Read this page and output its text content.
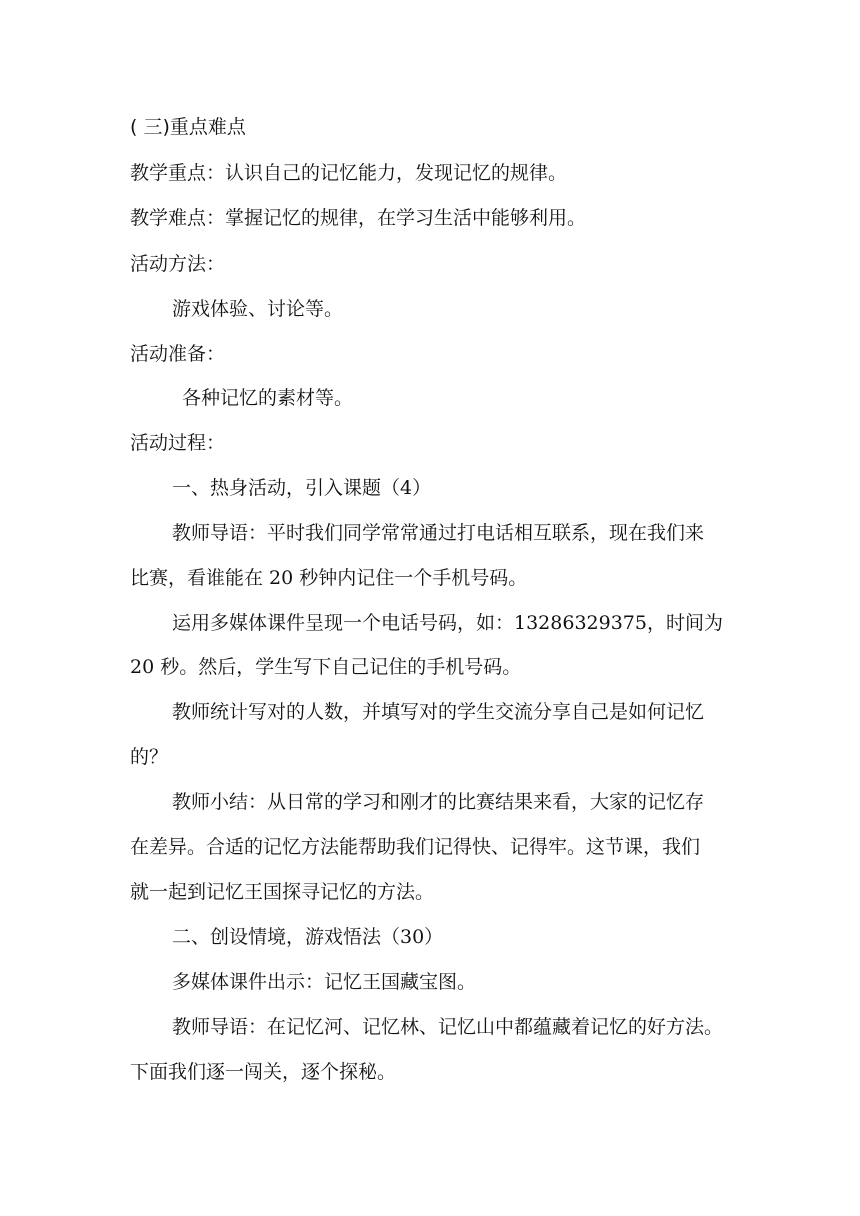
( 三)重点难点
教学重点：认识自己的记忆能力，发现记忆的规律。
教学难点：掌握记忆的规律，在学习生活中能够利用。
活动方法：
游戏体验、讨论等。
活动准备：
各种记忆的素材等。
活动过程：
一、热身活动，引入课题（4）
教师导语：平时我们同学常常通过打电话相互联系，现在我们来
比赛，看谁能在 20 秒钟内记住一个手机号码。
运用多媒体课件呈现一个电话号码，如：13286329375，时间为
20 秒。然后，学生写下自己记住的手机号码。
教师统计写对的人数，并填写对的学生交流分享自己是如何记忆
的？
教师小结：从日常的学习和刚才的比赛结果来看，大家的记忆存
在差异。合适的记忆方法能帮助我们记得快、记得牢。这节课，我们
就一起到记忆王国探寻记忆的方法。
二、创设情境，游戏悟法（30）
多媒体课件出示：记忆王国藏宝图。
教师导语：在记忆河、记忆林、记忆山中都蕴藏着记忆的好方法。
下面我们逐一闯关，逐个探秘。
